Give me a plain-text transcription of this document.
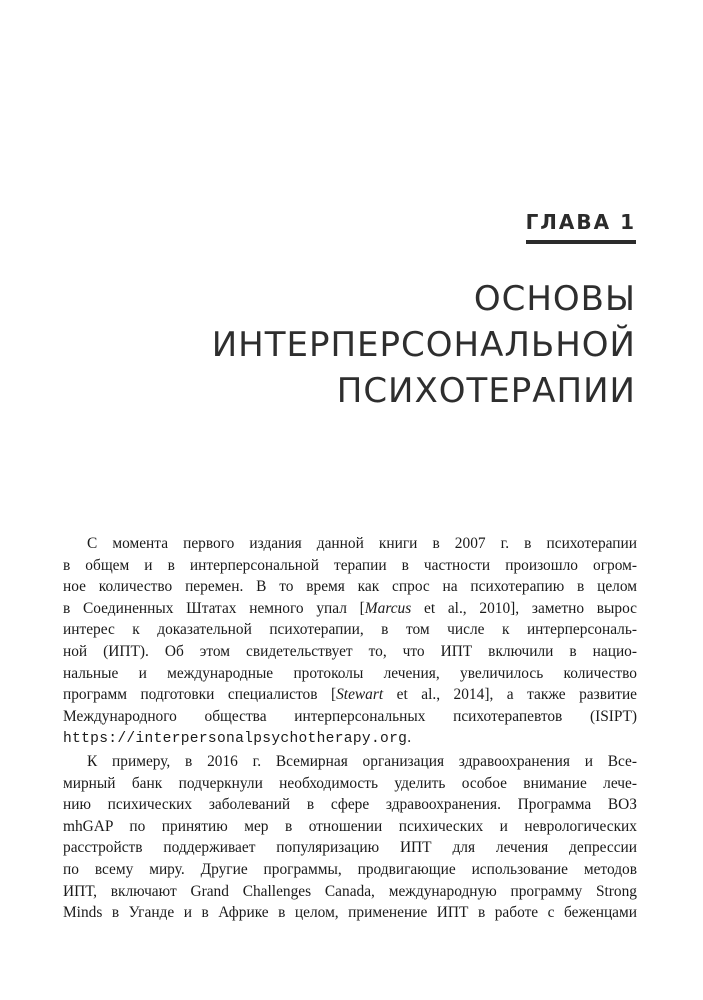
ГЛАВА 1
ОСНОВЫ
ИНТЕРПЕРСОНАЛЬНОЙ
ПСИХОТЕРАПИИ
С момента первого издания данной книги в 2007 г. в психотерапии
в общем и в интерперсональной терапии в частности произошло огром-
ное количество перемен. В то время как спрос на психотерапию в целом
в Соединенных Штатах немного упал [Marcus et al., 2010], заметно вырос
интерес к доказательной психотерапии, в том числе к интерперсональ-
ной (ИПТ). Об этом свидетельствует то, что ИПТ включили в нацио-
нальные и международные протоколы лечения, увеличилось количество
программ подготовки специалистов [Stewart et al., 2014], а также развитие
Международного общества интерперсональных психотерапевтов (ISIPT)
https://interpersonalpsychotherapy.org.
К примеру, в 2016 г. Всемирная организация здравоохранения и Все-
мирный банк подчеркнули необходимость уделить особое внимание лече-
нию психических заболеваний в сфере здравоохранения. Программа ВОЗ
mhGAP по принятию мер в отношении психических и неврологических
расстройств поддерживает популяризацию ИПТ для лечения депрессии
по всему миру. Другие программы, продвигающие использование методов
ИПТ, включают Grand Challenges Canada, международную программу Strong
Minds в Уганде и в Африке в целом, применение ИПТ в работе с беженцами
